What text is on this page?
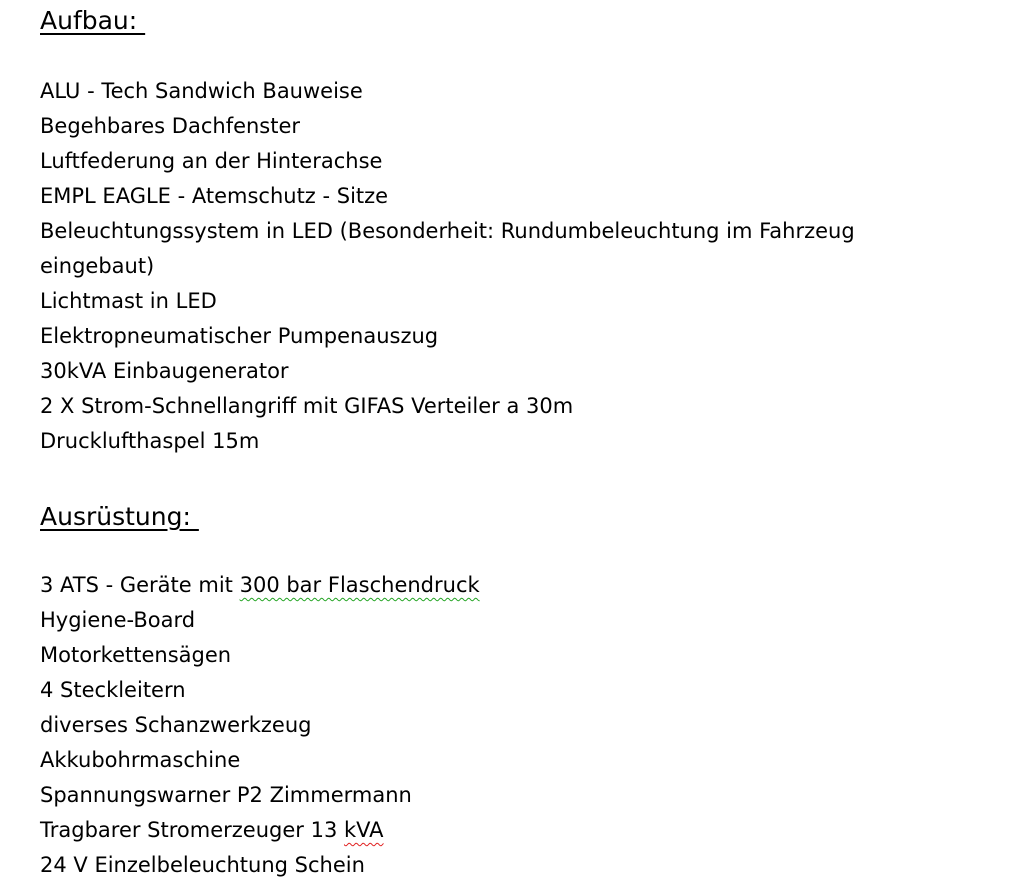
Aufbau:
ALU - Tech Sandwich Bauweise
Begehbares Dachfenster
Luftfederung an der Hinterachse
EMPL EAGLE - Atemschutz - Sitze
Beleuchtungssystem in LED (Besonderheit: Rundumbeleuchtung im Fahrzeug
eingebaut)
Lichtmast in LED
Elektropneumatischer Pumpenauszug
30kVA Einbaugenerator
2 X Strom-Schnellangriff mit GIFAS Verteiler a 30m
Drucklufthaspel 15m
Ausrüstung:
3 ATS - Geräte mit 300 bar Flaschendruck
Hygiene-Board
Motorkettensägen
4 Steckleitern
diverses Schanzwerkzeug
Akkubohrmaschine
Spannungswarner P2 Zimmermann
Tragbarer Stromerzeuger 13 kVA
24 V Einzelbeleuchtung Schein
